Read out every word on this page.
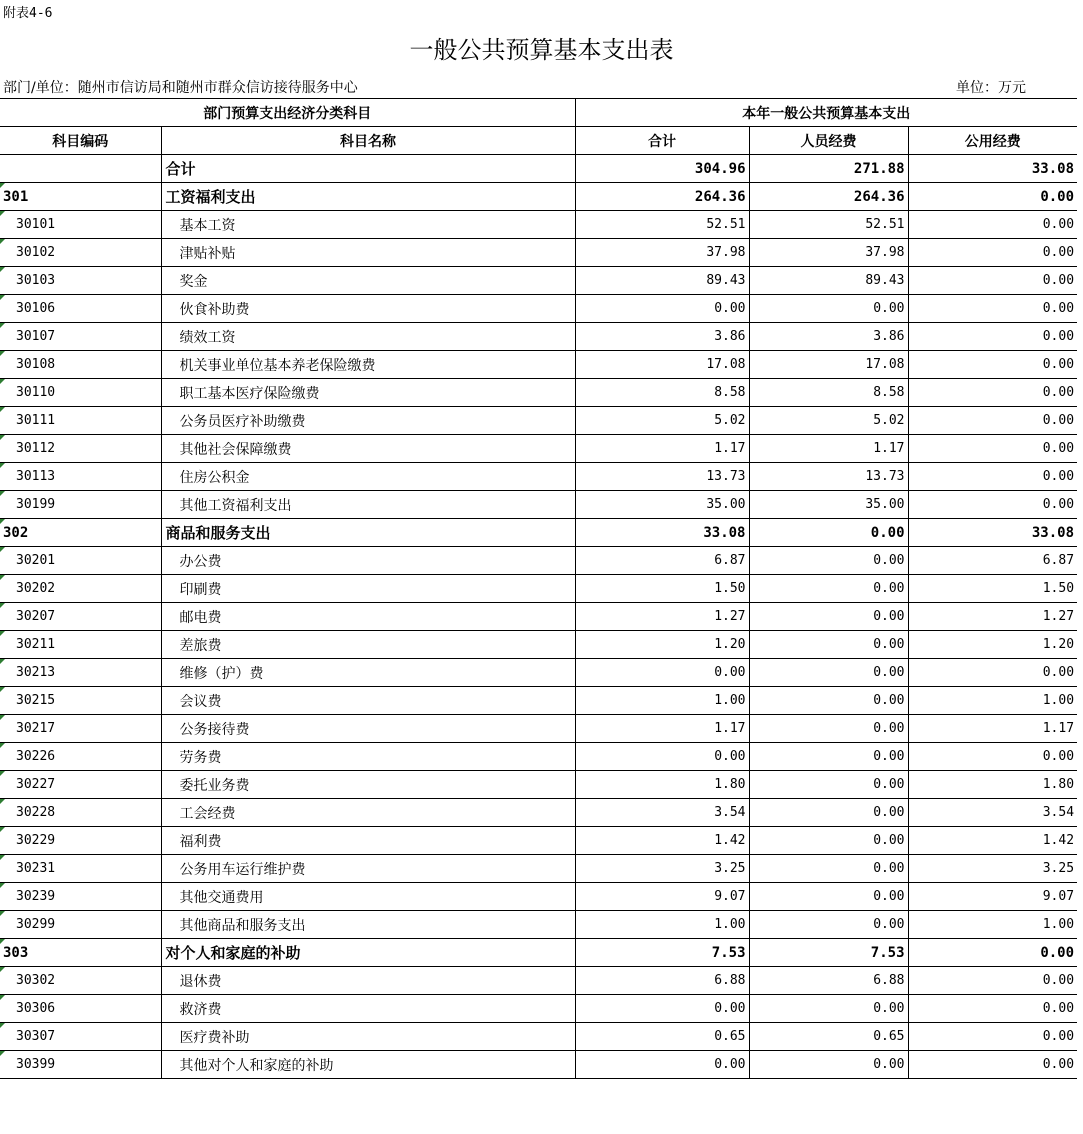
附表4-6
一般公共预算基本支出表
部门/单位：随州市信访局和随州市群众信访接待服务中心	单位：万元
部门预算支出经济分类科目		本年一般公共预算基本支出		
科目编码	科目名称	合计	人员经费	公用经费
	合计	304.96	271.88	33.08
301	工资福利支出	264.36	264.36	0.00
30101	基本工资	52.51	52.51	0.00
30102	津贴补贴	37.98	37.98	0.00
30103	奖金	89.43	89.43	0.00
30106	伙食补助费	0.00	0.00	0.00
30107	绩效工资	3.86	3.86	0.00
30108	机关事业单位基本养老保险缴费	17.08	17.08	0.00
30110	职工基本医疗保险缴费	8.58	8.58	0.00
30111	公务员医疗补助缴费	5.02	5.02	0.00
30112	其他社会保障缴费	1.17	1.17	0.00
30113	住房公积金	13.73	13.73	0.00
30199	其他工资福利支出	35.00	35.00	0.00
302	商品和服务支出	33.08	0.00	33.08
30201	办公费	6.87	0.00	6.87
30202	印刷费	1.50	0.00	1.50
30207	邮电费	1.27	0.00	1.27
30211	差旅费	1.20	0.00	1.20
30213	维修（护）费	0.00	0.00	0.00
30215	会议费	1.00	0.00	1.00
30217	公务接待费	1.17	0.00	1.17
30226	劳务费	0.00	0.00	0.00
30227	委托业务费	1.80	0.00	1.80
30228	工会经费	3.54	0.00	3.54
30229	福利费	1.42	0.00	1.42
30231	公务用车运行维护费	3.25	0.00	3.25
30239	其他交通费用	9.07	0.00	9.07
30299	其他商品和服务支出	1.00	0.00	1.00
303	对个人和家庭的补助	7.53	7.53	0.00
30302	退休费	6.88	6.88	0.00
30306	救济费	0.00	0.00	0.00
30307	医疗费补助	0.65	0.65	0.00
30399	其他对个人和家庭的补助	0.00	0.00	0.00
